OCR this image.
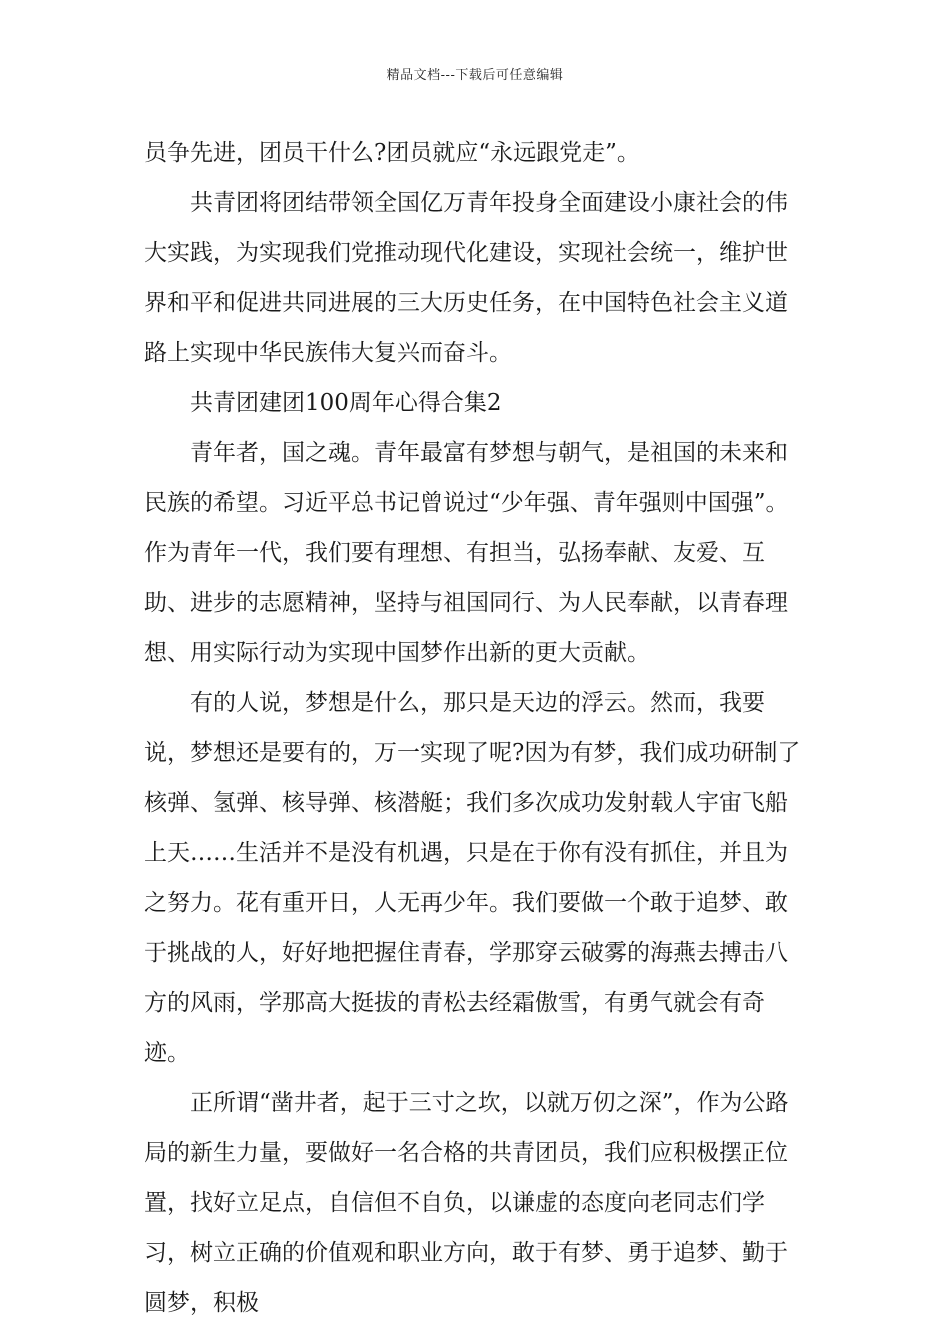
精品文档---下载后可任意编辑

员争先进，团员干什么?团员就应“永远跟党走”。

共青团将团结带领全国亿万青年投身全面建设小康社会的伟大实践，为实现我们党推动现代化建设，实现社会统一，维护世界和平和促进共同进展的三大历史任务，在中国特色社会主义道路上实现中华民族伟大复兴而奋斗。

共青团建团100周年心得合集2

青年者，国之魂。青年最富有梦想与朝气，是祖国的未来和民族的希望。习近平总书记曾说过“少年强、青年强则中国强”。作为青年一代，我们要有理想、有担当，弘扬奉献、友爱、互助、进步的志愿精神，坚持与祖国同行、为人民奉献，以青春理想、用实际行动为实现中国梦作出新的更大贡献。

有的人说，梦想是什么，那只是天边的浮云。然而，我要说，梦想还是要有的，万一实现了呢?因为有梦，我们成功研制了核弹、氢弹、核导弹、核潜艇；我们多次成功发射载人宇宙飞船上天……生活并不是没有机遇，只是在于你有没有抓住，并且为之努力。花有重开日，人无再少年。我们要做一个敢于追梦、敢于挑战的人，好好地把握住青春，学那穿云破雾的海燕去搏击八方的风雨，学那高大挺拔的青松去经霜傲雪，有勇气就会有奇迹。

正所谓“凿井者，起于三寸之坎，以就万仞之深”，作为公路局的新生力量，要做好一名合格的共青团员，我们应积极摆正位置，找好立足点，自信但不自负，以谦虚的态度向老同志们学习，树立正确的价值观和职业方向，敢于有梦、勇于追梦、勤于圆梦，积极
